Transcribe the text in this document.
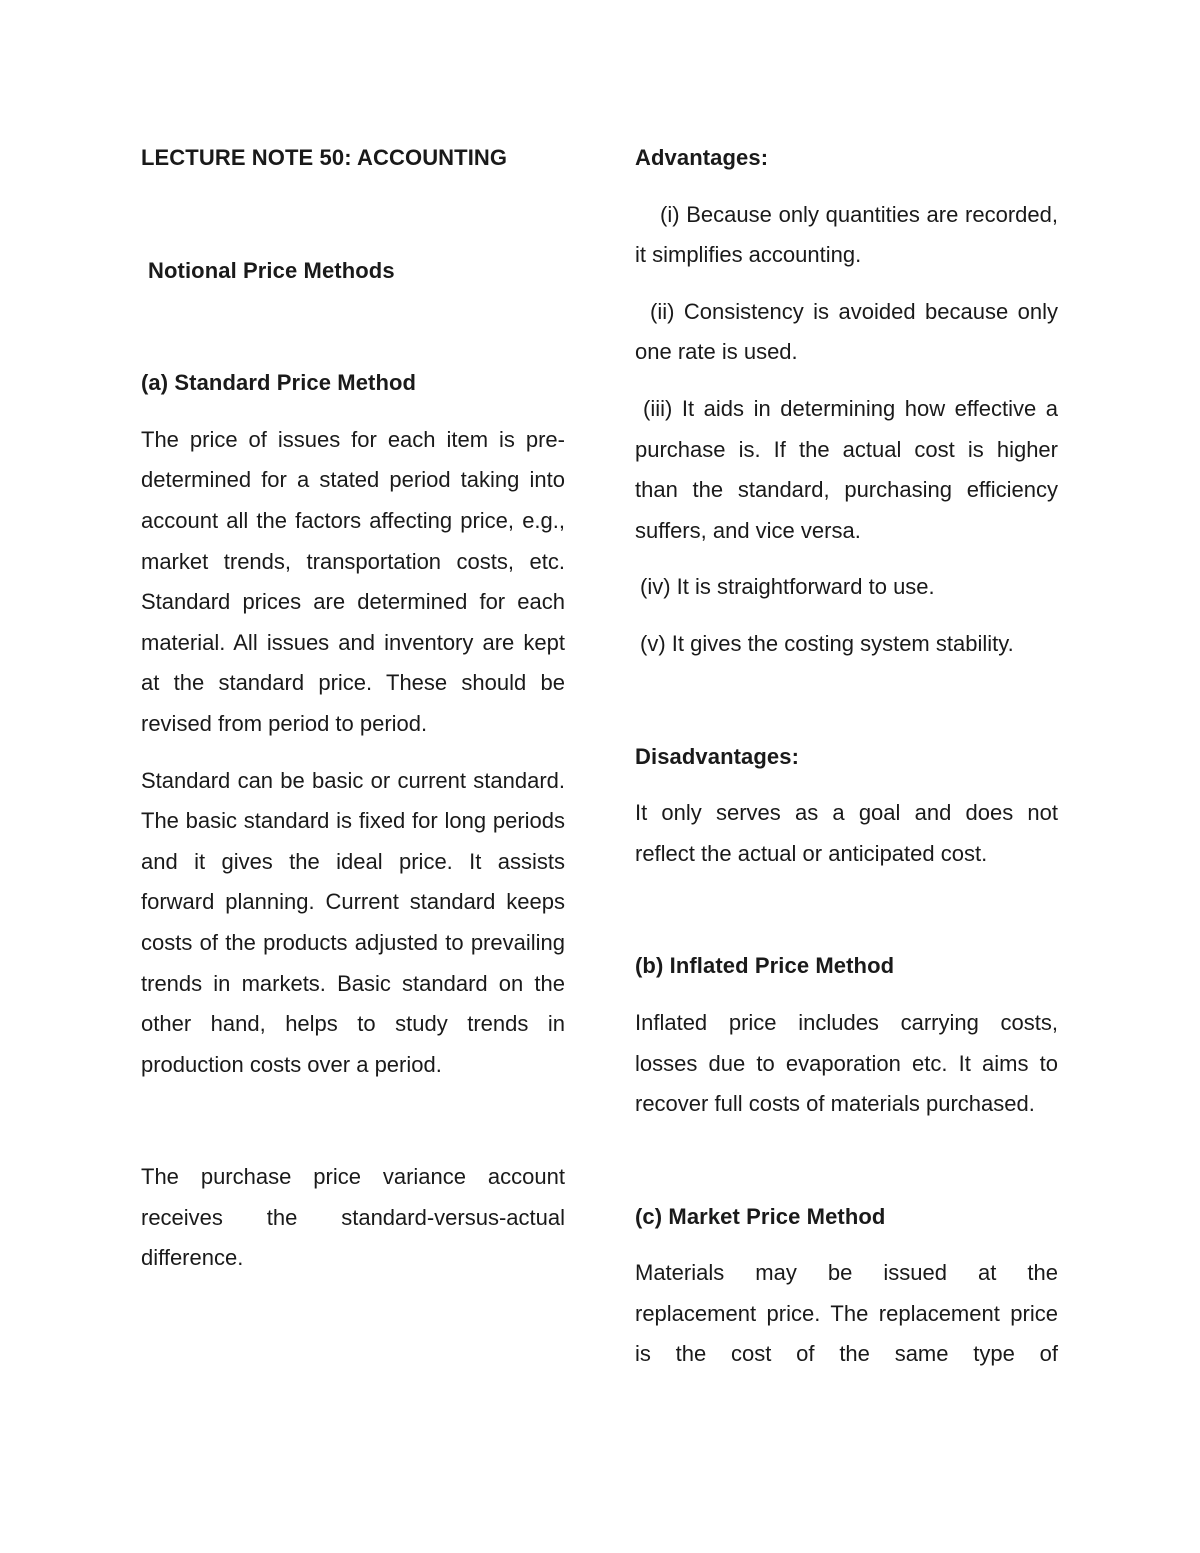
LECTURE NOTE 50: ACCOUNTING

Notional Price Methods

(a) Standard Price Method

The price of issues for each item is pre-determined for a stated period taking into account all the factors affecting price, e.g., market trends, transportation costs, etc. Standard prices are determined for each material. All issues and inventory are kept at the standard price. These should be revised from period to period.

Standard can be basic or current standard. The basic standard is fixed for long periods and it gives the ideal price. It assists forward planning. Current standard keeps costs of the products adjusted to prevailing trends in markets. Basic standard on the other hand, helps to study trends in production costs over a period.

The purchase price variance account receives the standard-versus-actual difference.

Advantages:

(i) Because only quantities are recorded, it simplifies accounting.

(ii) Consistency is avoided because only one rate is used.

(iii) It aids in determining how effective a purchase is. If the actual cost is higher than the standard, purchasing efficiency suffers, and vice versa.

(iv) It is straightforward to use.

(v) It gives the costing system stability.

Disadvantages:

It only serves as a goal and does not reflect the actual or anticipated cost.

(b) Inflated Price Method

Inflated price includes carrying costs, losses due to evaporation etc. It aims to recover full costs of materials purchased.

(c) Market Price Method

Materials may be issued at the replacement price. The replacement price is the cost of the same type of
